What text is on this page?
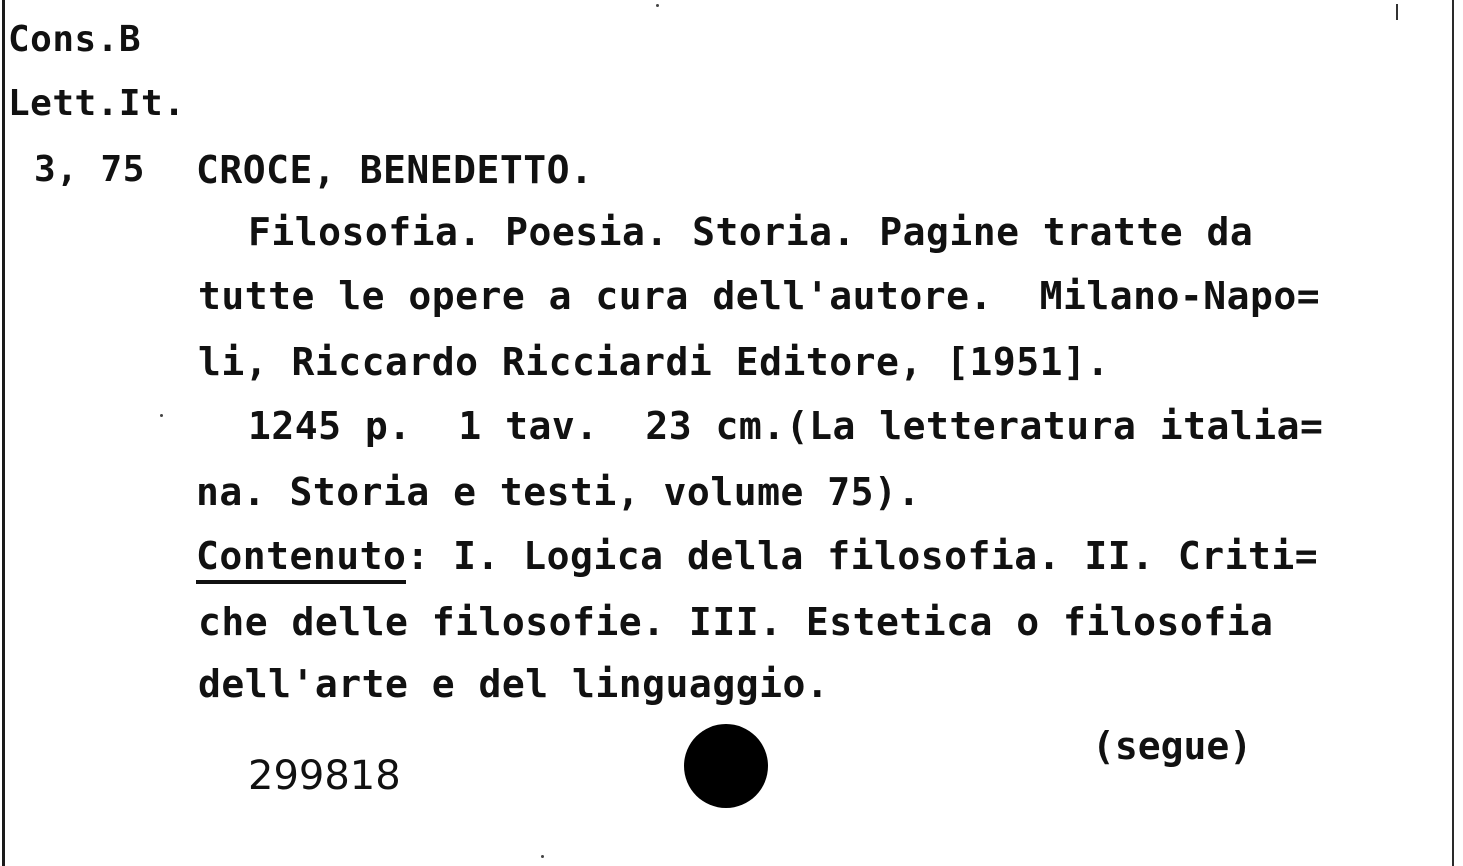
Cons.B
Lett.It.
3, 75 CROCE, BENEDETTO.
Filosofia. Poesia. Storia. Pagine tratte da
tutte le opere a cura dell'autore.  Milano-Napo=
li, Riccardo Ricciardi Editore, [1951].
1245 p.  1 tav.  23 cm.(La letteratura italia=
na. Storia e testi, volume 75).
Contenuto: I. Logica della filosofia. II. Criti=
che delle filosofie. III. Estetica o filosofia
dell'arte e del linguaggio.
299818
(segue)
